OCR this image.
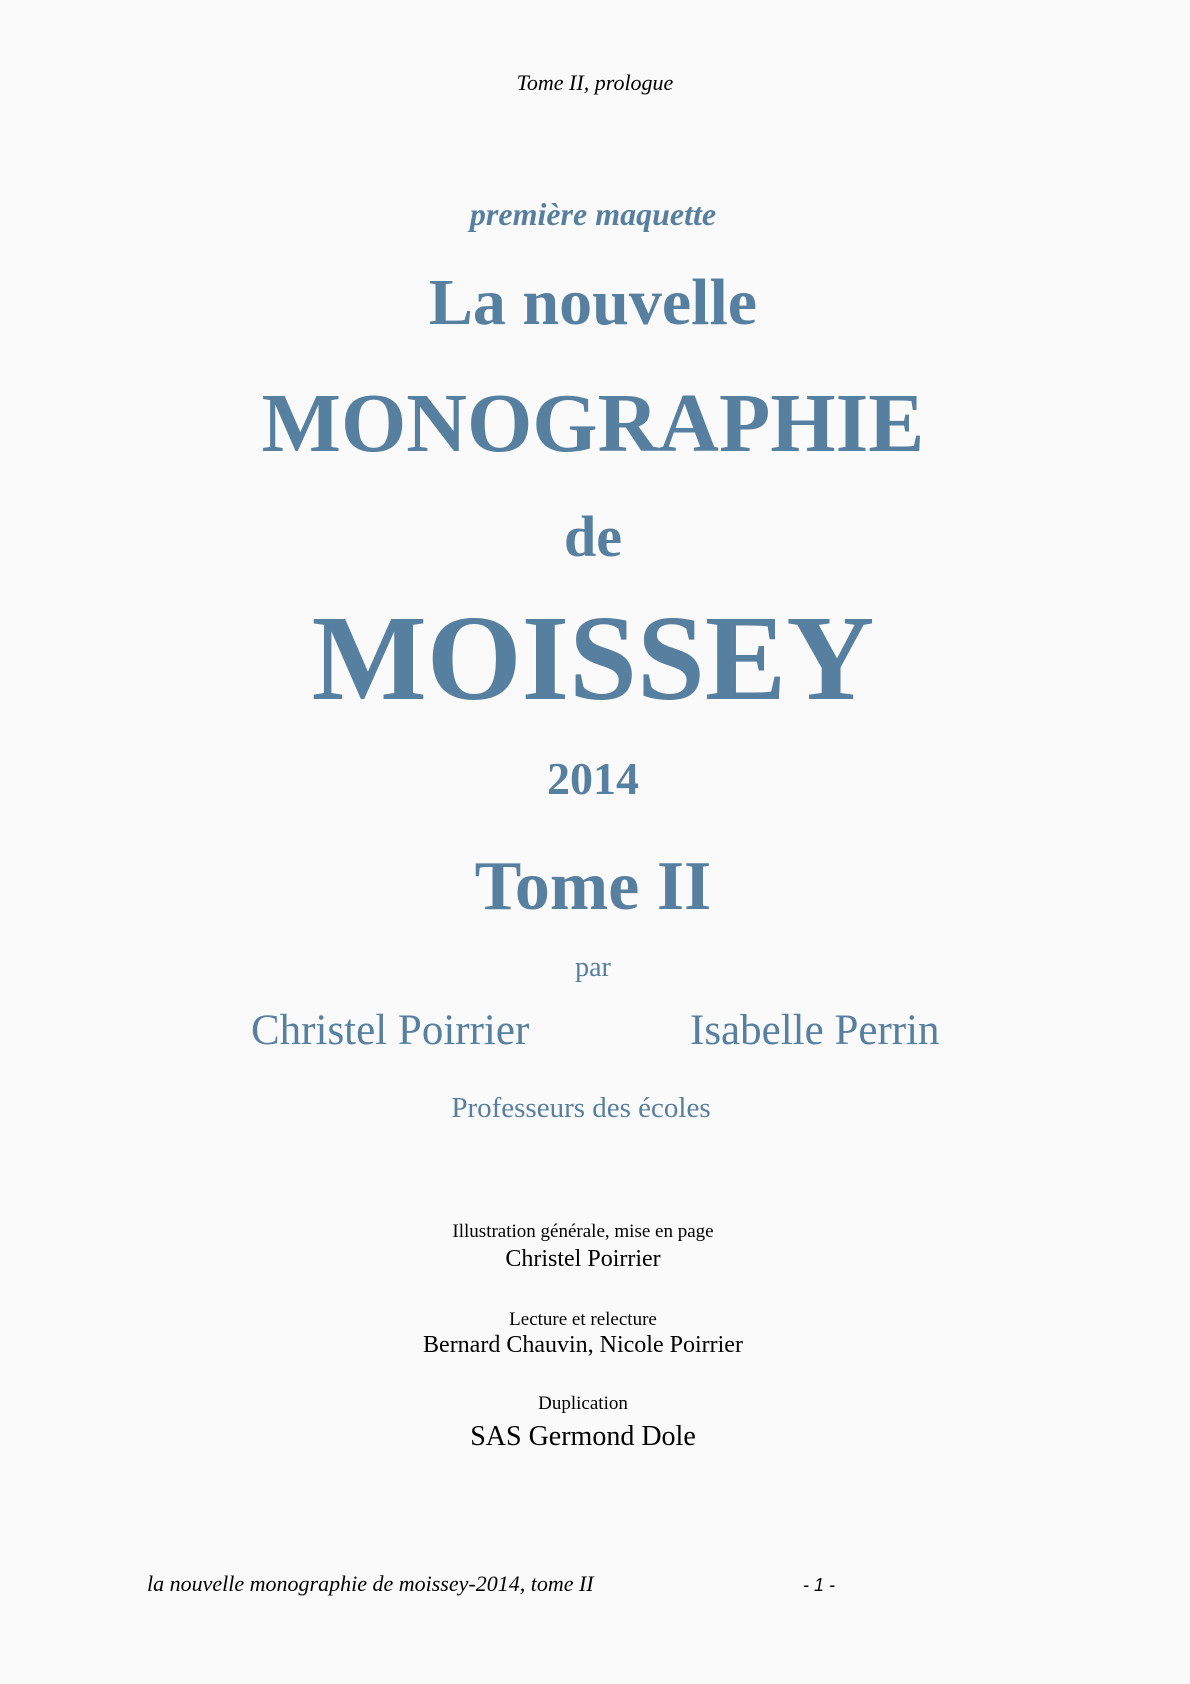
Tome II, prologue
première maquette
La nouvelle
MONOGRAPHIE
de
MOISSEY
2014
Tome II
par
Christel Poirrier	Isabelle Perrin
Professeurs des écoles
Illustration générale, mise en page
Christel Poirrier
Lecture et relecture
Bernard Chauvin, Nicole Poirrier
Duplication
SAS Germond Dole
la nouvelle monographie de moissey-2014, tome II	- 1 -
